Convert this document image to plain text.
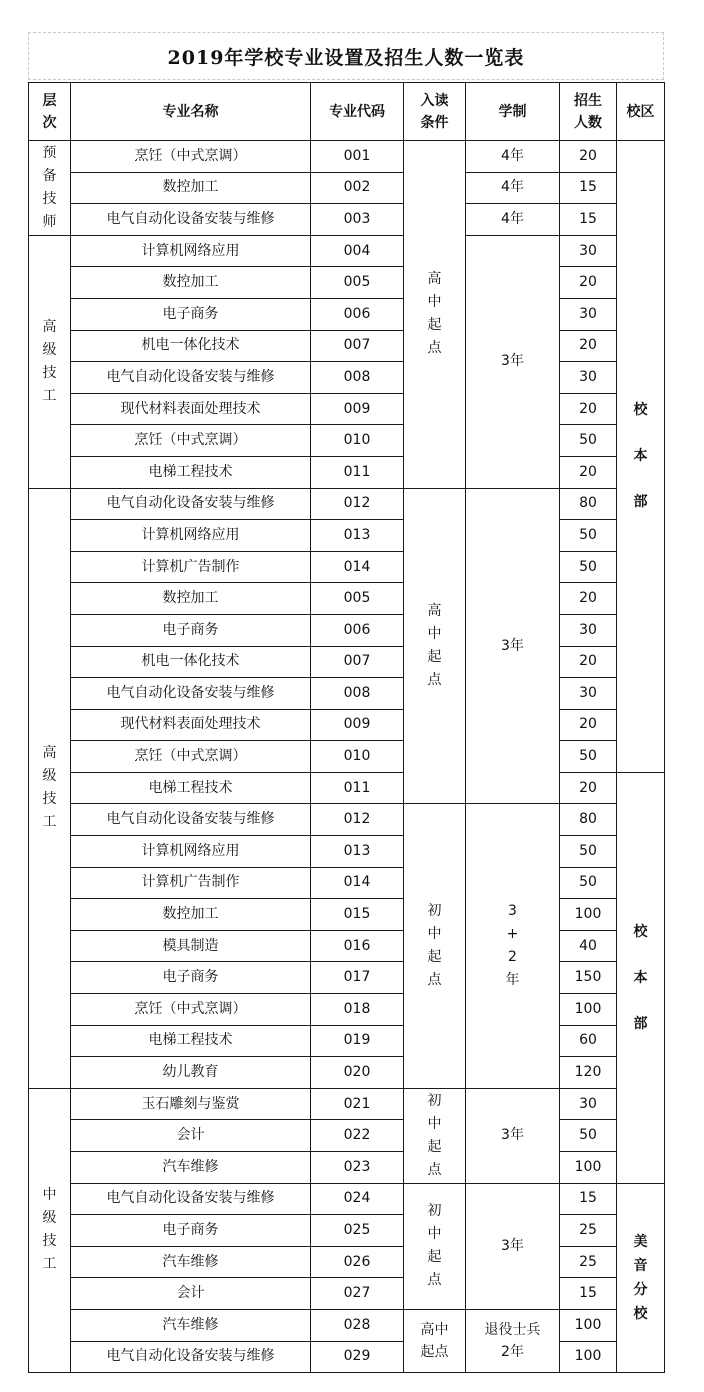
2019年学校专业设置及招生人数一览表
层次	专业名称	专业代码	入读条件	学制	招生人数	校区
预备技师	烹饪（中式烹调）	001	高中起点	4年	20	校本部
	数控加工	002		4年	15	
	电气自动化设备安装与维修	003		4年	15	
高级技工	计算机网络应用	004		3年	30	
	数控加工	005			20	
	电子商务	006			30	
	机电一体化技术	007			20	
	电气自动化设备安装与维修	008			30	
	现代材料表面处理技术	009			20	
	烹饪（中式烹调）	010			50	
	电梯工程技术	011			20	
高级技工	电气自动化设备安装与维修	012	高中起点	3年	80	
	计算机网络应用	013			50	
	计算机广告制作	014			50	
	数控加工	005			20	
	电子商务	006			30	
	机电一体化技术	007			20	
	电气自动化设备安装与维修	008			30	
	现代材料表面处理技术	009			20	
	烹饪（中式烹调）	010			50	
	电梯工程技术	011			20	校本部
	电气自动化设备安装与维修	012	初中起点	3+2年	80	
	计算机网络应用	013			50	
	计算机广告制作	014			50	
	数控加工	015			100	
	模具制造	016			40	
	电子商务	017			150	
	烹饪（中式烹调）	018			100	
	电梯工程技术	019			60	
	幼儿教育	020			120	
中级技工	玉石雕刻与鉴赏	021	初中起点	3年	30	
	会计	022			50	
	汽车维修	023			100	
	电气自动化设备安装与维修	024	初中起点	3年	15	美音分校
	电子商务	025			25	
	汽车维修	026			25	
	会计	027			15	
	汽车维修	028	高中起点	退役士兵2年	100	
	电气自动化设备安装与维修	029			100	
